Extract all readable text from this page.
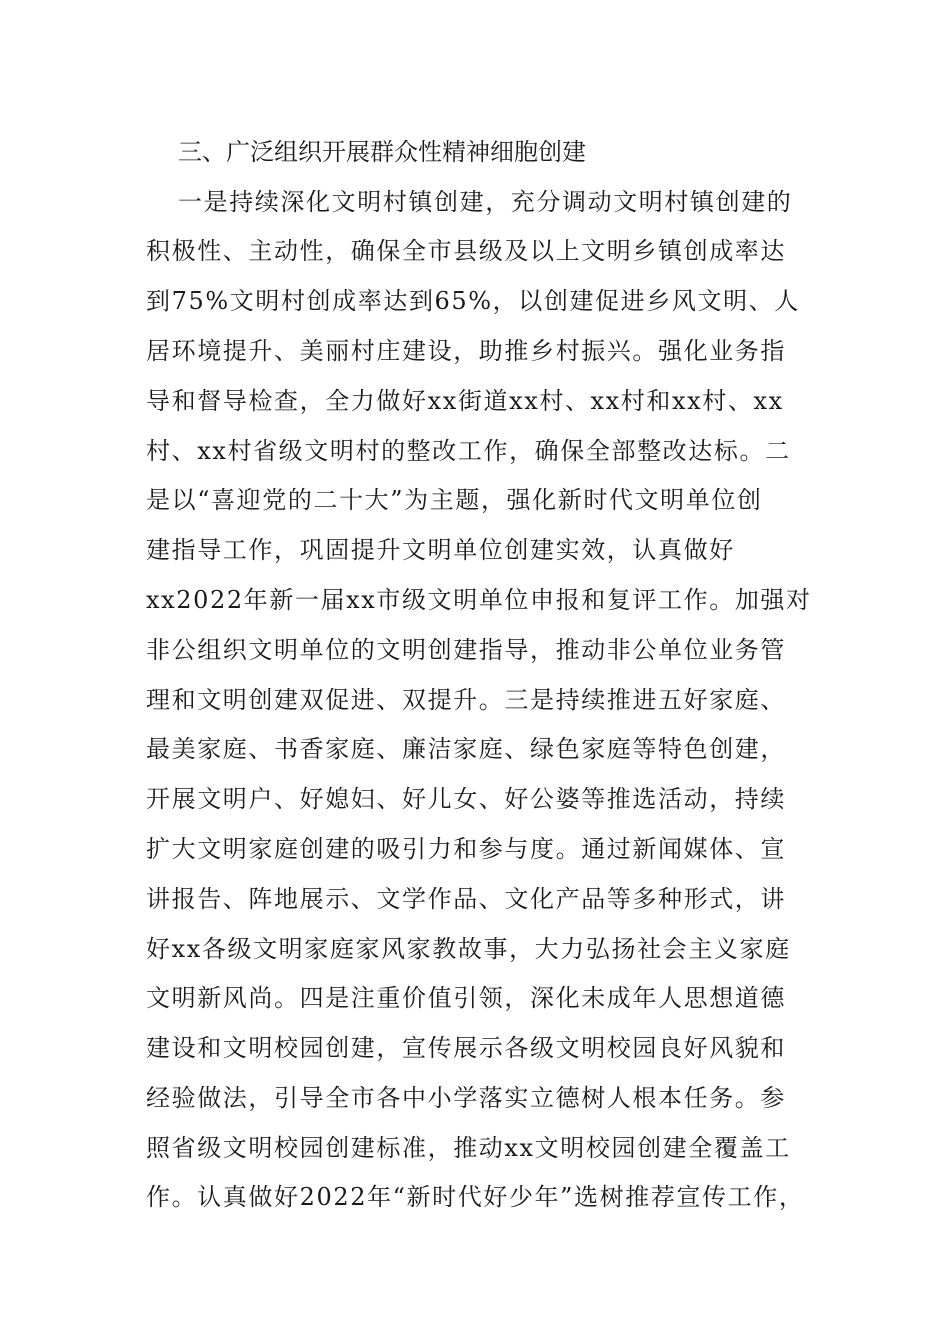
三、广泛组织开展群众性精神细胞创建
一是持续深化文明村镇创建，充分调动文明村镇创建的
积极性、主动性，确保全市县级及以上文明乡镇创成率达
到75%文明村创成率达到65%，以创建促进乡风文明、人
居环境提升、美丽村庄建设，助推乡村振兴。强化业务指
导和督导检查，全力做好xx街道xx村、xx村和xx村、xx
村、xx村省级文明村的整改工作，确保全部整改达标。二
是以“喜迎党的二十大”为主题，强化新时代文明单位创
建指导工作，巩固提升文明单位创建实效，认真做好
xx2022年新一届xx市级文明单位申报和复评工作。加强对
非公组织文明单位的文明创建指导，推动非公单位业务管
理和文明创建双促进、双提升。三是持续推进五好家庭、
最美家庭、书香家庭、廉洁家庭、绿色家庭等特色创建，
开展文明户、好媳妇、好儿女、好公婆等推选活动，持续
扩大文明家庭创建的吸引力和参与度。通过新闻媒体、宣
讲报告、阵地展示、文学作品、文化产品等多种形式，讲
好xx各级文明家庭家风家教故事，大力弘扬社会主义家庭
文明新风尚。四是注重价值引领，深化未成年人思想道德
建设和文明校园创建，宣传展示各级文明校园良好风貌和
经验做法，引导全市各中小学落实立德树人根本任务。参
照省级文明校园创建标准，推动xx文明校园创建全覆盖工
作。认真做好2022年“新时代好少年”选树推荐宣传工作，
